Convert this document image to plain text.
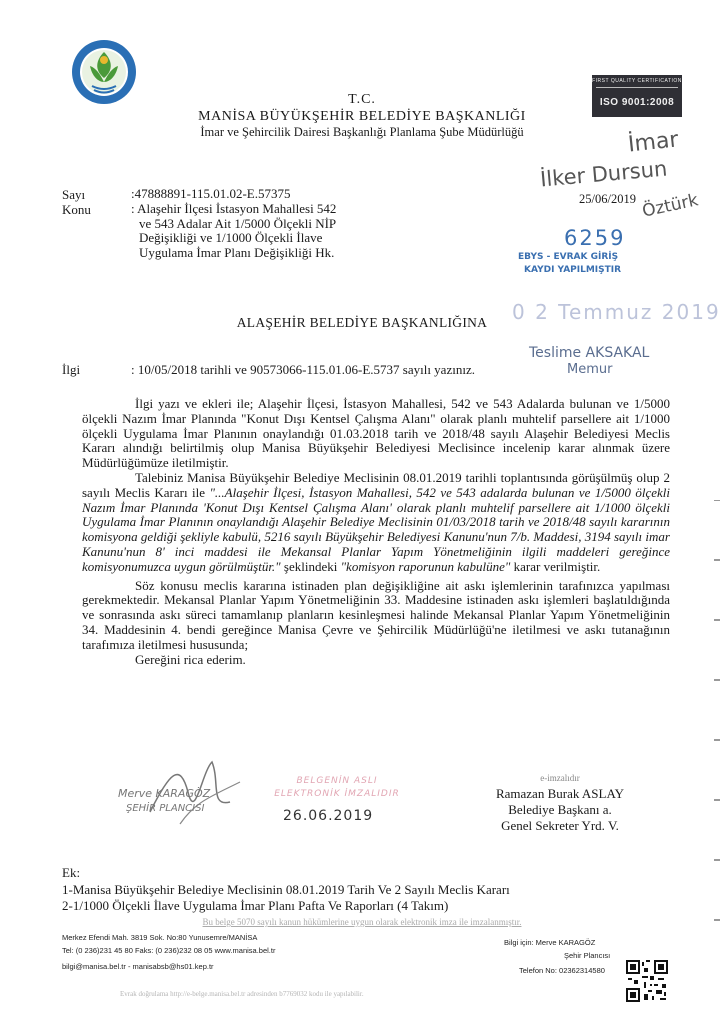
T.C.
MANİSA BÜYÜKŞEHİR BELEDİYE BAŞKANLIĞI
İmar ve Şehircilik Dairesi Başkanlığı Planlama Şube Müdürlüğü
FIRST QUALITY CERTIFICATION
ISO 9001:2008
İmar
İlker Dursun
Öztürk
Sayı	:47888891-115.01.02-E.57375
Konu	: Alaşehir İlçesi İstasyon Mahallesi 542
ve 543 Adalar Ait 1/5000 Ölçekli NİP
Değişikliği ve 1/1000 Ölçekli İlave
Uygulama İmar Planı Değişikliği Hk.
25/06/2019
6259
EBYS - EVRAK GİRİŞ
KAYDI YAPILMIŞTIR
0 2 Temmuz 2019
Teslime AKSAKAL
Memur
ALAŞEHİR BELEDİYE BAŞKANLIĞINA
İlgi	: 10/05/2018 tarihli ve 90573066-115.01.06-E.5737 sayılı yazınız.

İlgi yazı ve ekleri ile; Alaşehir İlçesi, İstasyon Mahallesi, 542 ve 543 Adalarda bulunan ve 1/5000 ölçekli Nazım İmar Planında "Konut Dışı Kentsel Çalışma Alanı" olarak planlı muhtelif parsellere ait 1/1000 ölçekli Uygulama İmar Planının onaylandığı 01.03.2018 tarih ve 2018/48 sayılı Alaşehir Belediyesi Meclis Kararı alındığı belirtilmiş olup Manisa Büyükşehir Belediyesi Meclisince incelenip karar alınmak üzere Müdürlüğümüze iletilmiştir.

Talebiniz Manisa Büyükşehir Belediye Meclisinin 08.01.2019 tarihli toplantısında görüşülmüş olup 2 sayılı Meclis Kararı ile "...Alaşehir İlçesi, İstasyon Mahallesi, 542 ve 543 adalarda bulunan ve 1/5000 ölçekli Nazım İmar Planında 'Konut Dışı Kentsel Çalışma Alanı' olarak planlı muhtelif parsellere ait 1/1000 ölçekli Uygulama İmar Planının onaylandığı Alaşehir Belediye Meclisinin 01/03/2018 tarih ve 2018/48 sayılı kararının komisyona geldiği şekliyle kabulü, 5216 sayılı Büyükşehir Belediyesi Kanunu'nun 7/b. Maddesi, 3194 sayılı imar Kanunu'nun 8' inci maddesi ile Mekansal Planlar Yapım Yönetmeliğinin ilgili maddeleri gereğince komisyonumuzca uygun görülmüştür." şeklindeki "komisyon raporunun kabulüne" karar verilmiştir.

Söz konusu meclis kararına istinaden plan değişikliğine ait askı işlemlerinin tarafınızca yapılması gerekmektedir. Mekansal Planlar Yapım Yönetmeliğinin 33. Maddesine istinaden askı işlemleri başlatıldığında ve sonrasında askı süreci tamamlanıp planların kesinleşmesi halinde Mekansal Planlar Yapım Yönetmeliğinin 34. Maddesinin 4. bendi gereğince Manisa Çevre ve Şehircilik Müdürlüğü'ne iletilmesi ve askı tutanağının tarafımıza iletilmesi hususunda;

Gereğini rica ederim.

Merve KARAGÖZ
ŞEHİR PLANCISI
BELGENİN ASLI
ELEKTRONİK İMZALIDIR
26.06.2019
e-imzalıdır
Ramazan Burak ASLAY
Belediye Başkanı a.
Genel Sekreter Yrd. V.
Ek:
1-Manisa Büyükşehir Belediye Meclisinin 08.01.2019 Tarih Ve 2 Sayılı Meclis Kararı
2-1/1000 Ölçekli İlave Uygulama İmar Planı Pafta Ve Raporları (4 Takım)
Bu belge 5070 sayılı kanun hükümlerine uygun olarak elektronik imza ile imzalanmıştır.
Merkez Efendi Mah. 3819 Sok. No:80 Yunusemre/MANİSA
Tel: (0 236)231 45 80 Faks: (0 236)232 08 05 www.manisa.bel.tr
bilgi@manisa.bel.tr - manisabsb@hs01.kep.tr
Bilgi için: Merve KARAGÖZ
Şehir Plancısı
Telefon No: 02362314580
Evrak doğrulama http://e-belge.manisa.bel.tr adresinden b7769032 kodu ile yapılabilir.
